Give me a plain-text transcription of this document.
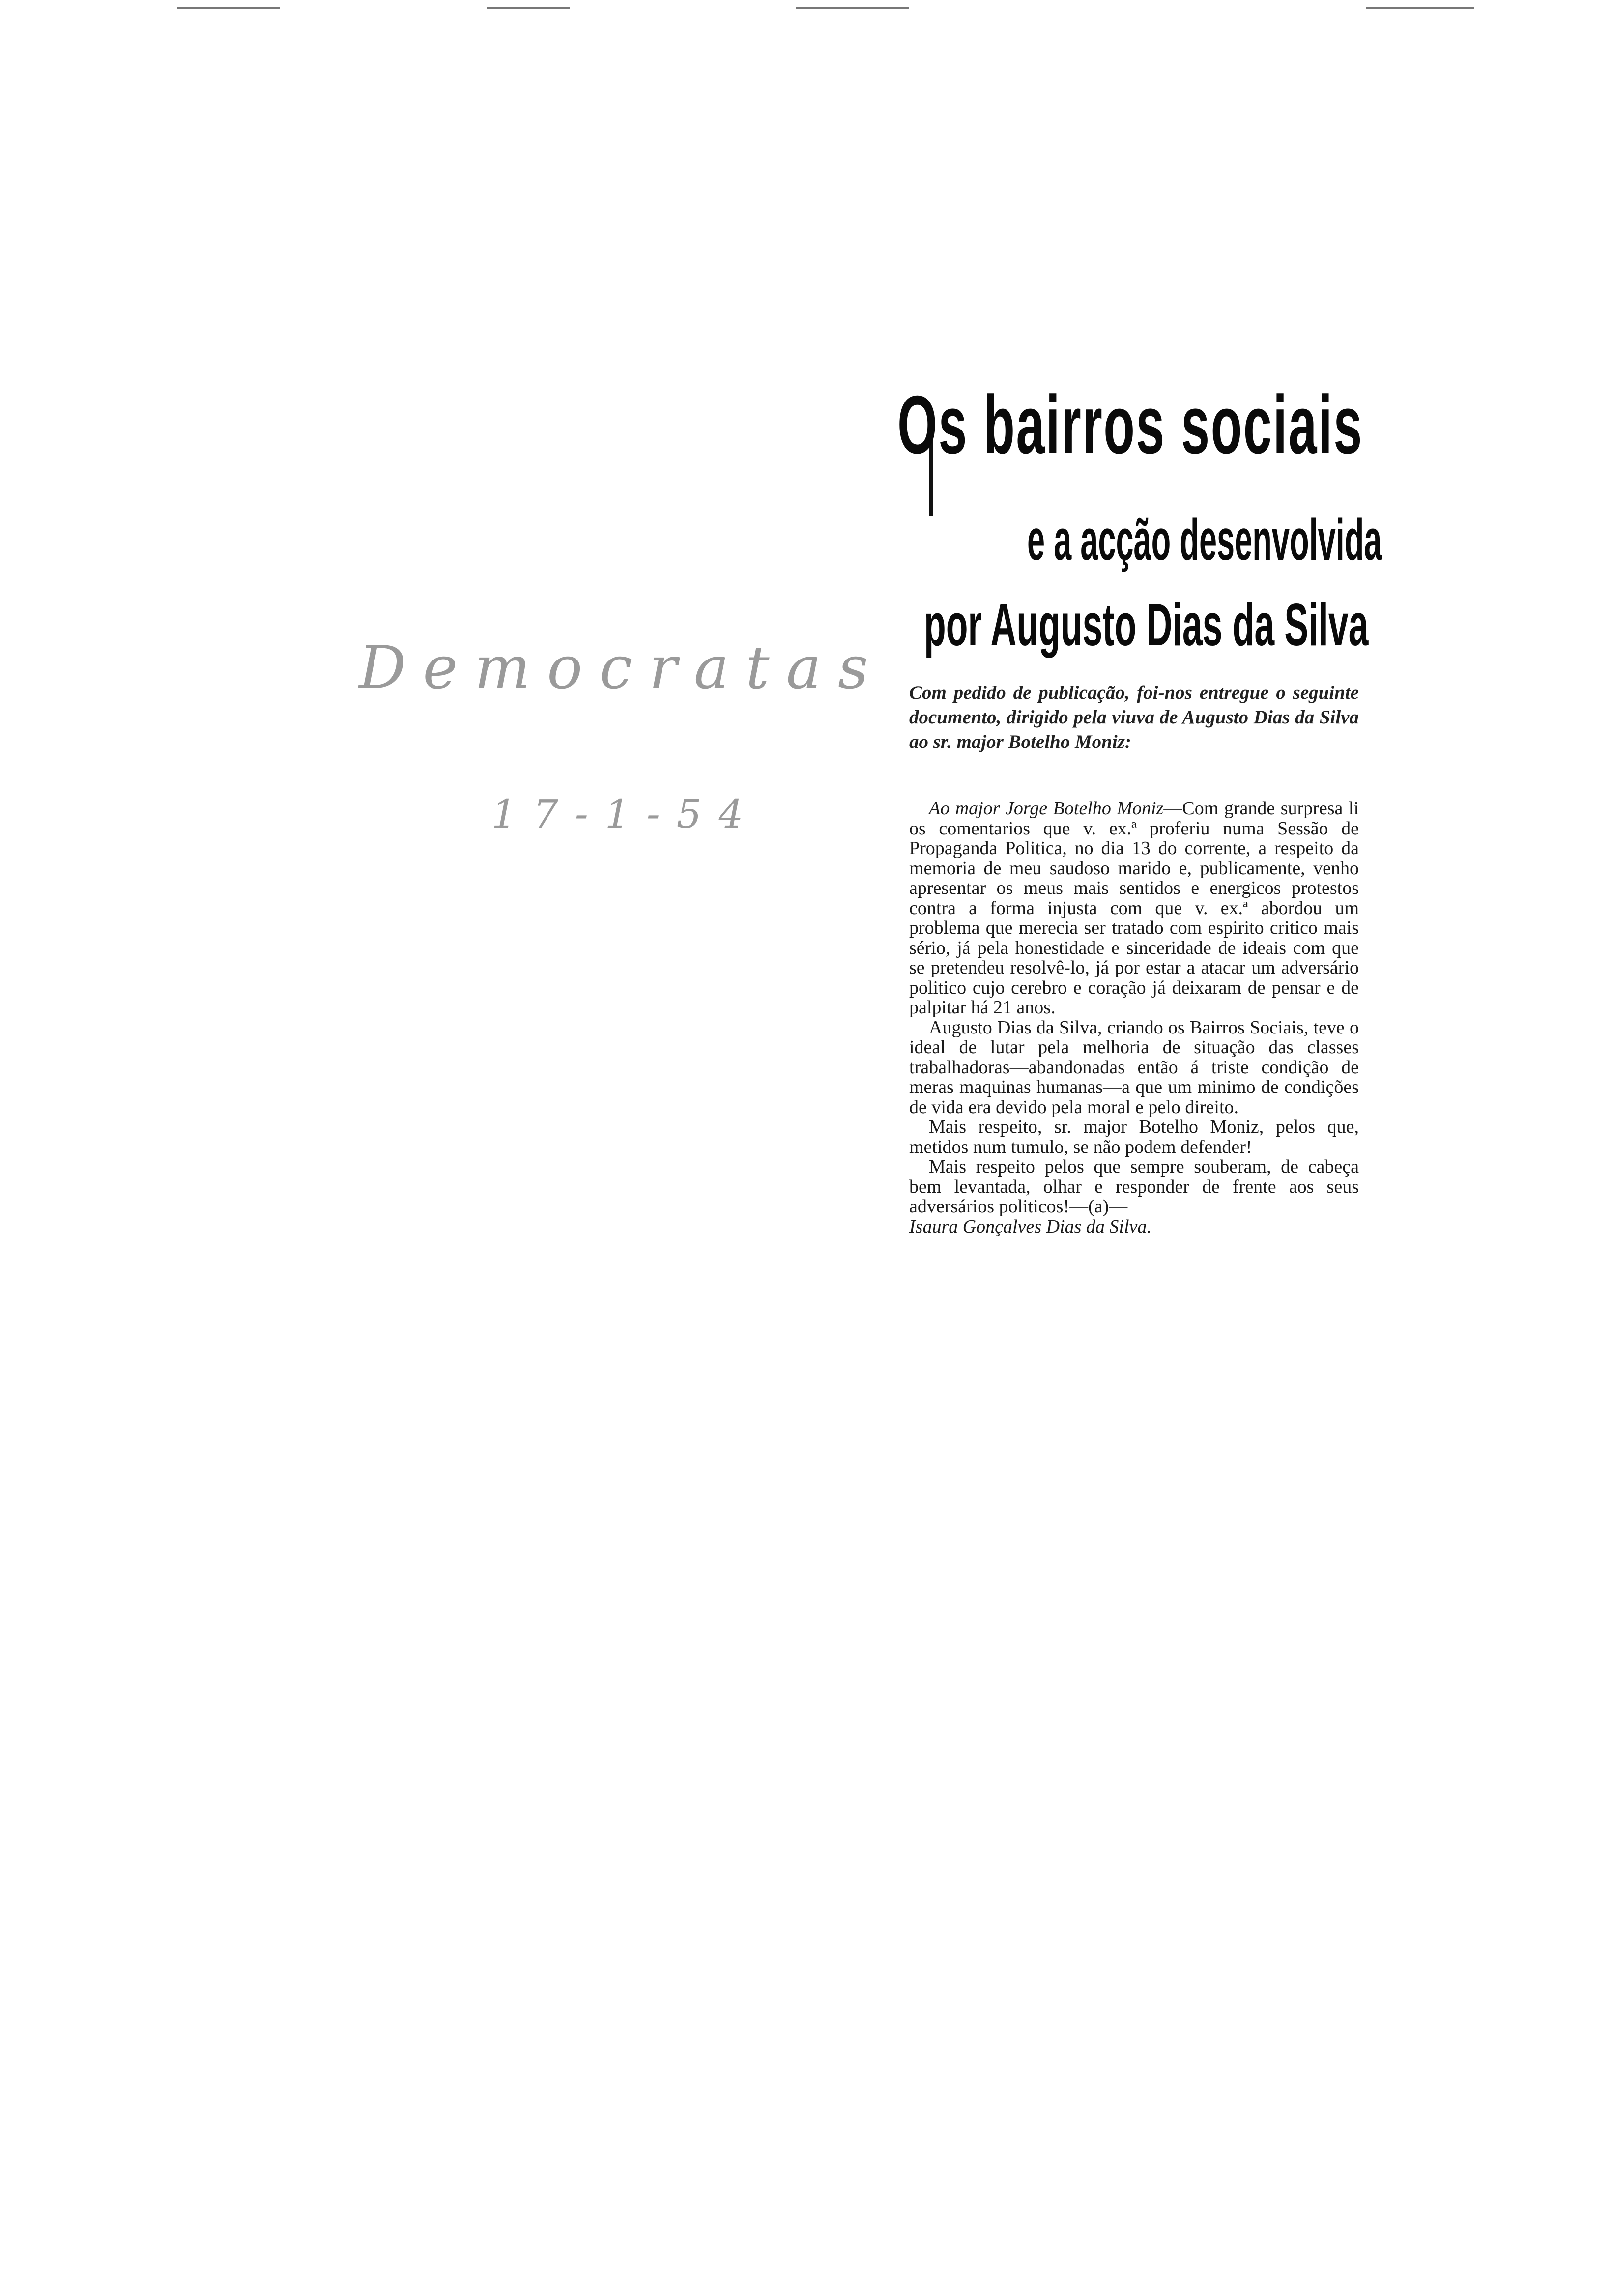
Democratas
17-1-54
Os bairros sociais
e a acção desenvolvida
por Augusto Dias da Silva
Com pedido de publicação, foi-nos entregue o seguinte documento, dirigido pela viuva de Augusto Dias da Silva ao sr. major Botelho Moniz:

Ao major Jorge Botelho Moniz—Com grande surpresa li os comentarios que v. ex.ª proferiu numa Sessão de Propaganda Politica, no dia 13 do corrente, a respeito da memoria de meu saudoso marido e, publicamente, venho apresentar os meus mais sentidos e energicos protestos contra a forma injusta com que v. ex.ª abordou um problema que merecia ser tratado com espirito critico mais sério, já pela honestidade e sinceridade de ideais com que se pretendeu resolvê-lo, já por estar a atacar um adversário politico cujo cerebro e coração já deixaram de pensar e de palpitar há 21 anos.

Augusto Dias da Silva, criando os Bairros Sociais, teve o ideal de lutar pela melhoria de situação das classes trabalhadoras—abandonadas então á triste condição de meras maquinas humanas—a que um minimo de condições de vida era devido pela moral e pelo direito.

Mais respeito, sr. major Botelho Moniz, pelos que, metidos num tumulo, se não podem defender!

Mais respeito pelos que sempre souberam, de cabeça bem levantada, olhar e responder de frente aos seus adversários politicos!—(a)—

Isaura Gonçalves Dias da Silva.
